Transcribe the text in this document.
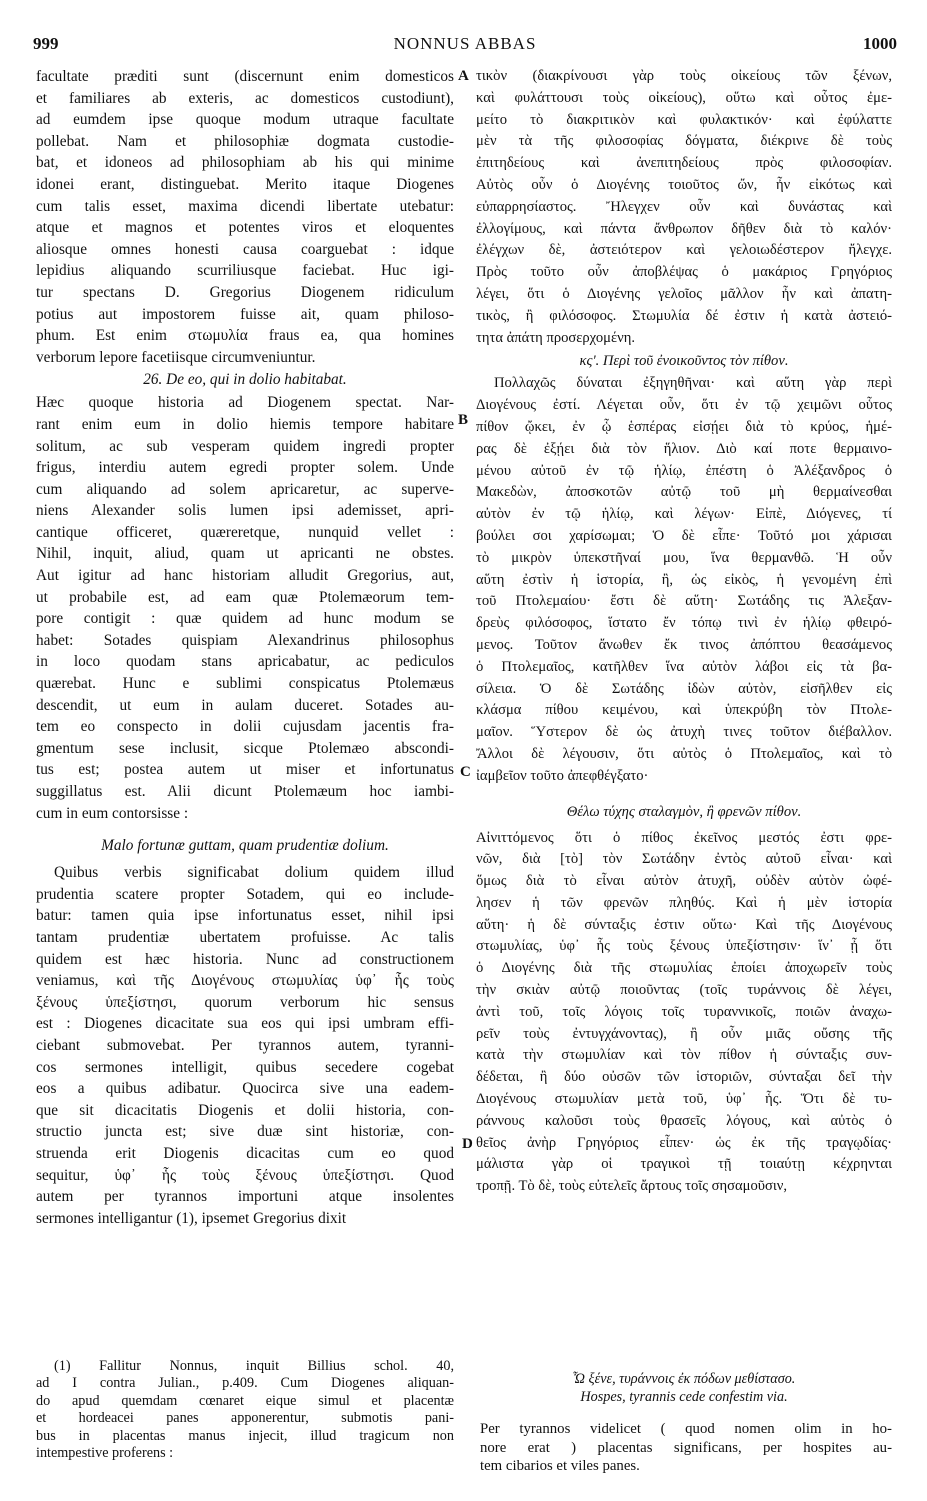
999	NONNUS ABBAS	1000
A
B
C
D
facultate præditi sunt (discernunt enim domesticos
et familiares ab exteris, ac domesticos custodiunt),
ad eumdem ipse quoque modum utraque facultate
pollebat. Nam et philosophiæ dogmata custodie-
bat, et idoneos ad philosophiam ab his qui minime
idonei erant, distinguebat. Merito itaque Diogenes
cum talis esset, maxima dicendi libertate utebatur:
atque et magnos et potentes viros et eloquentes
aliosque omnes honesti causa coarguebat : idque
lepidius aliquando scurriliusque faciebat. Huc igi-
tur spectans D. Gregorius Diogenem ridiculum
potius aut impostorem fuisse ait, quam philoso-
phum. Est enim στωμυλία fraus ea, qua homines
verborum lepore facetiisque circumveniuntur.
26. De eo, qui in dolio habitabat.
Hæc quoque historia ad Diogenem spectat. Nar-
rant enim eum in dolio hiemis tempore habitare
solitum, ac sub vesperam quidem ingredi propter
frigus, interdiu autem egredi propter solem. Unde
cum aliquando ad solem apricaretur, ac superve-
niens Alexander solis lumen ipsi ademisset, apri-
cantique officeret, quæreretque, nunquid vellet :
Nihil, inquit, aliud, quam ut apricanti ne obstes.
Aut igitur ad hanc historiam alludit Gregorius, aut,
ut probabile est, ad eam quæ Ptolemæorum tem-
pore contigit : quæ quidem ad hunc modum se
habet: Sotades quispiam Alexandrinus philosophus
in loco quodam stans apricabatur, ac pediculos
quærebat. Hunc e sublimi conspicatus Ptolemæus
descendit, ut eum in aulam duceret. Sotades au-
tem eo conspecto in dolii cujusdam jacentis fra-
gmentum sese inclusit, sicque Ptolemæo abscondi-
tus est; postea autem ut miser et infortunatus
suggillatus est. Alii dicunt Ptolemæum hoc iambi-
cum in eum contorsisse :
Malo fortunæ guttam, quam prudentiæ dolium.
Quibus verbis significabat dolium quidem illud
prudentia scatere propter Sotadem, qui eo include-
batur: tamen quia ipse infortunatus esset, nihil ipsi
tantam prudentiæ ubertatem profuisse. Ac talis
quidem est hæc historia. Nunc ad constructionem
veniamus, καὶ τῆς Διογένους στωμυλίας ὑφ᾽ ἧς τοὺς
ξένους ὑπεξίστησι, quorum verborum hic sensus
est : Diogenes dicacitate sua eos qui ipsi umbram effi-
ciebant submovebat. Per tyrannos autem, tyranni-
cos sermones intelligit, quibus secedere cogebat
eos a quibus adibatur. Quocirca sive una eadem-
que sit dicacitatis Diogenis et dolii historia, con-
structio juncta est; sive duæ sint historiæ, con-
struenda erit Diogenis dicacitas cum eo quod
sequitur, ὑφ᾽ ἧς τοὺς ξένους ὑπεξίστησι. Quod
autem per tyrannos importuni atque insolentes
sermones intelligantur (1), ipsemet Gregorius dixit
τικὸν (διακρίνουσι γὰρ τοὺς οἰκείους τῶν ξένων,
καὶ φυλάττουσι τοὺς οἰκείους), οὕτω καὶ οὗτος ἐμε-
μείτο τὸ διακριτικὸν καὶ φυλακτικόν· καὶ ἐφύλαττε
μὲν τὰ τῆς φιλοσοφίας δόγματα, διέκρινε δὲ τοὺς
ἐπιτηδείους καὶ ἀνεπιτηδείους πρὸς φιλοσοφίαν.
Αὐτὸς οὖν ὁ Διογένης τοιοῦτος ὤν, ἦν εἰκότως καὶ
εὐπαρρησίαστος. Ἤλεγχεν οὖν καὶ δυνάστας καὶ
ἐλλογίμους, καὶ πάντα ἄνθρωπον δῆθεν διὰ τὸ καλόν·
ἐλέγχων δὲ, ἀστειότερον καὶ γελοιωδέστερον ἤλεγχε.
Πρὸς τοῦτο οὖν ἀποβλέψας ὁ μακάριος Γρηγόριος
λέγει, ὅτι ὁ Διογένης γελοῖος μᾶλλον ἦν καὶ ἀπατη-
τικὸς, ἢ φιλόσοφος. Στωμυλία δέ ἐστιν ἡ κατὰ ἀστειό-
τητα ἀπάτη προσερχομένη.
κς'. Περὶ τοῦ ἐνοικοῦντος τὸν πίθον.
Πολλαχῶς δύναται ἐξηγηθῆναι· καὶ αὕτη γὰρ περὶ
Διογένους ἐστί. Λέγεται οὖν, ὅτι ἐν τῷ χειμῶνι οὗτος
πίθον ᾤκει, ἐν ᾧ ἑσπέρας εἰσῄει διὰ τὸ κρύος, ἡμέ-
ρας δὲ ἐξῄει διὰ τὸν ἥλιον. Διὸ καί ποτε θερμαινο-
μένου αὐτοῦ ἐν τῷ ἡλίῳ, ἐπέστη ὁ Ἀλέξανδρος ὁ
Μακεδὼν, ἀποσκοτῶν αὐτῷ τοῦ μὴ θερμαίνεσθαι
αὐτὸν ἐν τῷ ἡλίῳ, καὶ λέγων· Εἰπὲ, Διόγενες, τί
βούλει σοι χαρίσωμαι; Ὁ δὲ εἶπε· Τοῦτό μοι χάρισαι
τὸ μικρὸν ὑπεκστῆναί μου, ἵνα θερμανθῶ. Ἡ οὖν
αὕτη ἐστὶν ἡ ἱστορία, ἢ, ὡς εἰκὸς, ἡ γενομένη ἐπὶ
τοῦ Πτολεμαίου· ἔστι δὲ αὕτη· Σωτάδης τις Ἀλεξαν-
δρεὺς φιλόσοφος, ἵστατο ἔν τόπῳ τινὶ ἐν ἡλίῳ φθειρό-
μενος. Τοῦτον ἄνωθεν ἔκ τινος ἀπόπτου θεασάμενος
ὁ Πτολεμαῖος, κατῆλθεν ἵνα αὐτὸν λάβοι εἰς τὰ βα-
σίλεια. Ὁ δὲ Σωτάδης ἰδὼν αὐτὸν, εἰσῆλθεν εἰς
κλάσμα πίθου κειμένου, καὶ ὑπεκρύβη τὸν Πτολε-
μαῖον. Ὕστερον δὲ ὡς ἀτυχὴ τινες τοῦτον διέβαλλον.
Ἄλλοι δὲ λέγουσιν, ὅτι αὐτὸς ὁ Πτολεμαῖος, καὶ τὸ
ἰαμβεῖον τοῦτο ἀπεφθέγξατο·
Θέλω τύχης σταλαγμὸν, ἢ φρενῶν πίθον.
Αἰνιττόμενος ὅτι ὁ πίθος ἐκεῖνος μεστός ἐστι φρε-
νῶν, διὰ [τὸ] τὸν Σωτάδην ἐντὸς αὐτοῦ εἶναι· καὶ
ὅμως διὰ τὸ εἶναι αὐτὸν ἀτυχῆ, οὐδὲν αὐτὸν ὠφέ-
λησεν ἡ τῶν φρενῶν πληθύς. Καὶ ἡ μὲν ἱστορία
αὕτη· ἡ δὲ σύνταξις ἐστιν οὕτω· Καὶ τῆς Διογένους
στωμυλίας, ὑφ᾽ ἧς τοὺς ξένους ὑπεξίστησιν· ἵν᾽ ᾖ ὅτι
ὁ Διογένης διὰ τῆς στωμυλίας ἐποίει ἀποχωρεῖν τοὺς
τὴν σκιὰν αὐτῷ ποιοῦντας (τοῖς τυράννοις δὲ λέγει,
ἀντὶ τοῦ, τοῖς λόγοις τοῖς τυραννικοῖς, ποιῶν ἀναχω-
ρεῖν τοὺς ἐντυγχάνοντας), ἢ οὖν μιᾶς οὔσης τῆς
κατὰ τὴν στωμυλίαν καὶ τὸν πίθον ἡ σύνταξις συν-
δέδεται, ἢ δύο οὐσῶν τῶν ἱστοριῶν, σύνταξαι δεῖ τὴν
Διογένους στωμυλίαν μετὰ τοῦ, ὑφ᾽ ἧς. Ὅτι δὲ τυ-
ράννους καλοῦσι τοὺς θρασεῖς λόγους, καὶ αὐτὸς ὁ
θεῖος ἀνὴρ Γρηγόριος εἶπεν· ὡς ἐκ τῆς τραγῳδίας·
μάλιστα γὰρ οἱ τραγικοὶ τῇ τοιαύτῃ κέχρηνται
τροπῇ. Τὸ δὲ, τοὺς εὐτελεῖς ἄρτους τοῖς σησαμοῦσιν,
(1) Fallitur Nonnus, inquit Billius schol. 40,
ad I contra Julian., p.409. Cum Diogenes aliquan-
do apud quemdam cœnaret eique simul et placentæ
et hordeacei panes apponerentur, submotis pani-
bus in placentas manus injecit, illud tragicum non
intempestive proferens :
Ὦ ξένε, τυράννοις ἐκ πόδων μεθίστασο.
Hospes, tyrannis cede confestim via.
Per tyrannos videlicet ( quod nomen olim in ho-
nore erat ) placentas significans, per hospites au-
tem cibarios et viles panes.
